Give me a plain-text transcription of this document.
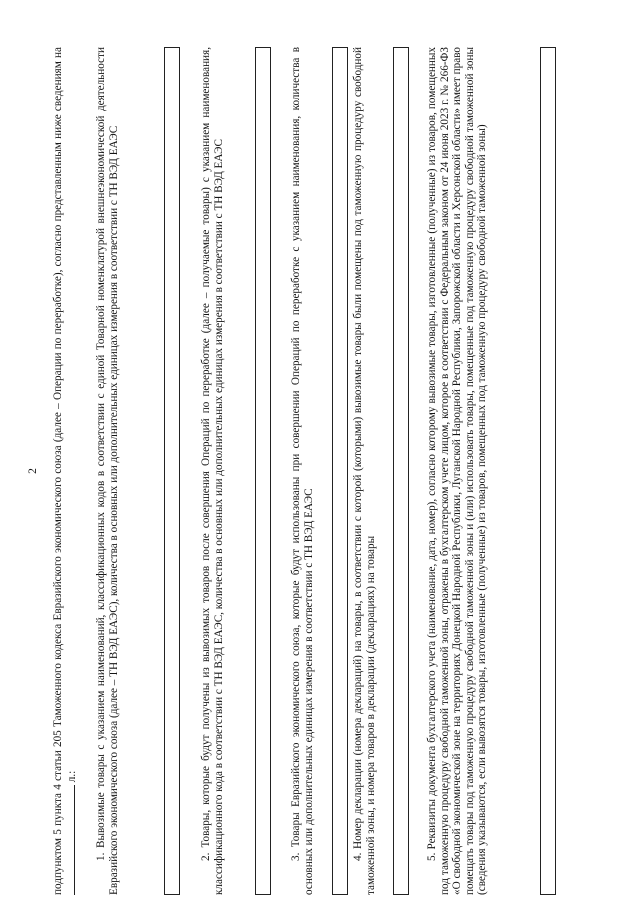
2 подпунктом 5 пункта 4 статьи 205 Таможенного кодекса Евразийского экономического союза (далее – Операции по переработке), согласно представленным ниже сведениям на л.: 1. Вывозимые товары с указанием наименований, классификационных кодов в соответствии с единой Товарной номенклатурой внешнеэкономической деятельности Евразийского экономического союза (далее – ТН ВЭД ЕАЭС), количества в основных или дополнительных единицах измерения в соответствии с ТН ВЭД ЕАЭС	2. Товары, которые будут получены из вывозимых товаров после совершения Операций по переработке (далее – получаемые товары) с указанием наименования, классификационного кода в соответствии с ТН ВЭД ЕАЭС, количества в основных или дополнительных единицах измерения в соответствии с ТН ВЭД ЕАЭС	3. Товары Евразийского экономического союза, которые будут использованы при совершении Операций по переработке с указанием наименования, количества в основных или дополнительных единицах измерения в соответствии с ТН ВЭД ЕАЭС	4. Номер декларации (номера деклараций) на товары, в соответствии с которой (которыми) вывозимые товары были помещены под таможенную процедуру свободной таможенной зоны, и номера товаров в декларации (декларациях) на товары	5. Реквизиты документа бухгалтерского учета (наименование, дата, номер), согласно которому вывозимые товары, изготовленные (полученные) из товаров, помещенных под таможенную процедуру свободной таможенной зоны, отражены в бухгалтерском учете лицом, которое в соответствии с Федеральным законом от 24 июня 2023 г. № 266-ФЗ «О свободной экономической зоне на территориях Донецкой Народной Республики, Луганской Народной Республики, Запорожской области и Херсонской области» имеет право помещать товары под таможенную процедуру свободной таможенной зоны и (или) использовать товары, помещенные под таможенную процедуру свободной таможенной зоны (сведения указываются, если вывозятся товары, изготовленные (полученные) из товаров, помещенных под таможенную процедуру свободной таможенной зоны)
